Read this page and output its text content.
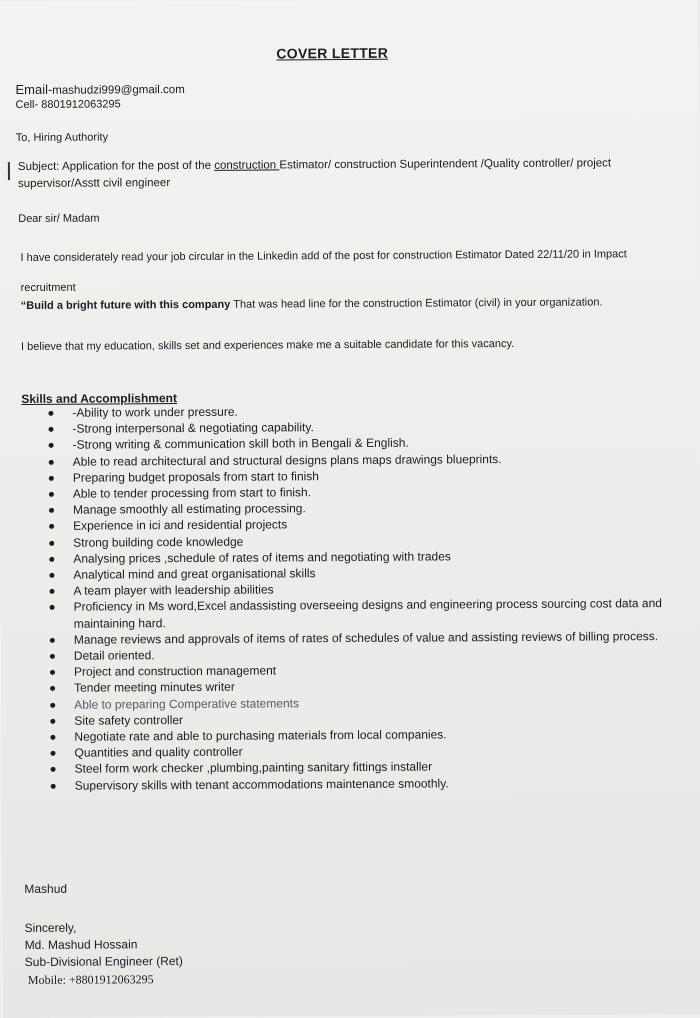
COVER LETTER
Email-mashudzi999@gmail.com
Cell- 8801912063295
To, Hiring Authority
Subject: Application for the post of the construction Estimator/ construction Superintendent /Quality controller/ project supervisor/Asstt civil engineer
Dear sir/ Madam
I have considerately read your job circular in the Linkedin add of the post for construction Estimator Dated 22/11/20 in Impact recruitment
“Build a bright future with this company That was head line for the construction Estimator (civil) in your organization.
I believe that my education, skills set and experiences make me a suitable candidate for this vacancy.
Skills and Accomplishment
-Ability to work under pressure.
-Strong interpersonal & negotiating capability.
-Strong writing & communication skill both in Bengali & English.
Able to read architectural and structural designs plans maps drawings blueprints.
Preparing budget proposals from start to finish
Able to tender processing from start to finish.
Manage smoothly all estimating processing.
Experience in ici and residential projects
Strong building code knowledge
Analysing prices ,schedule of rates of items and negotiating with trades
Analytical mind and great organisational skills
A team player with leadership abilities
Proficiency in Ms word,Excel andassisting overseeing designs and engineering process sourcing cost data and maintaining hard.
Manage reviews and approvals of items of rates of schedules of value and assisting reviews of billing process.
Detail oriented.
Project and construction management
Tender meeting minutes writer
Able to preparing Comperative statements
Site safety controller
Negotiate rate and able to purchasing materials from local companies.
Quantities and quality controller
Steel form work checker ,plumbing,painting sanitary fittings installer
Supervisory skills with tenant accommodations maintenance smoothly.
Mashud
Sincerely,
Md. Mashud Hossain
Sub-Divisional Engineer (Ret)
Mobile: +8801912063295
